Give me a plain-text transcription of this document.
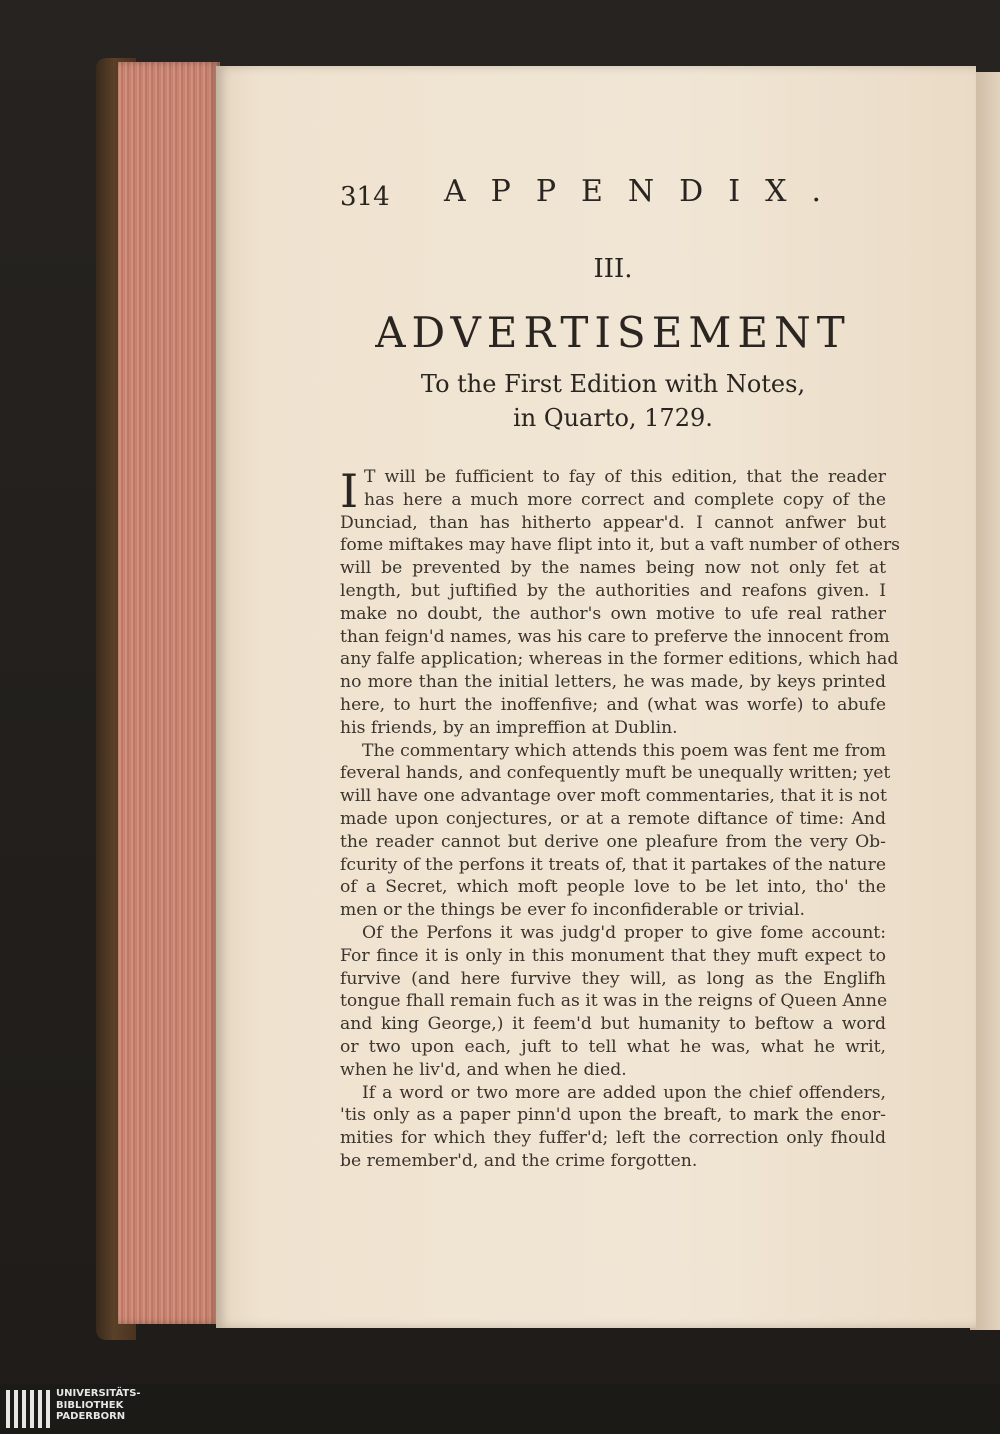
314 APPENDIX.
III.
ADVERTISEMENT
To the First Edition with Notes,
in Quarto, 1729.
I T will be fufficient to fay of this edition, that the reader
has here a much more correct and complete copy of the
Dunciad, than has hitherto appear'd. I cannot anfwer but
fome miftakes may have flipt into it, but a vaft number of others
will be prevented by the names being now not only fet at
length, but juftified by the authorities and reafons given. I
make no doubt, the author's own motive to ufe real rather
than feign'd names, was his care to preferve the innocent from
any falfe application; whereas in the former editions, which had
no more than the initial letters, he was made, by keys printed
here, to hurt the inoffenfive; and (what was worfe) to abufe
his friends, by an impreffion at Dublin.
The commentary which attends this poem was fent me from
feveral hands, and confequently muft be unequally written; yet
will have one advantage over moft commentaries, that it is not
made upon conjectures, or at a remote diftance of time: And
the reader cannot but derive one pleafure from the very Ob-
fcurity of the perfons it treats of, that it partakes of the nature
of a Secret, which moft people love to be let into, tho' the
men or the things be ever fo inconfiderable or trivial.
Of the Perfons it was judg'd proper to give fome account:
For fince it is only in this monument that they muft expect to
furvive (and here furvive they will, as long as the Englifh
tongue fhall remain fuch as it was in the reigns of Queen Anne
and king George,) it feem'd but humanity to beftow a word
or two upon each, juft to tell what he was, what he writ,
when he liv'd, and when he died.
If a word or two more are added upon the chief offenders,
'tis only as a paper pinn'd upon the breaft, to mark the enor-
mities for which they fuffer'd; left the correction only fhould
be remember'd, and the crime forgotten.
UNIVERSITÄTS-
BIBLIOTHEK
PADERBORN
